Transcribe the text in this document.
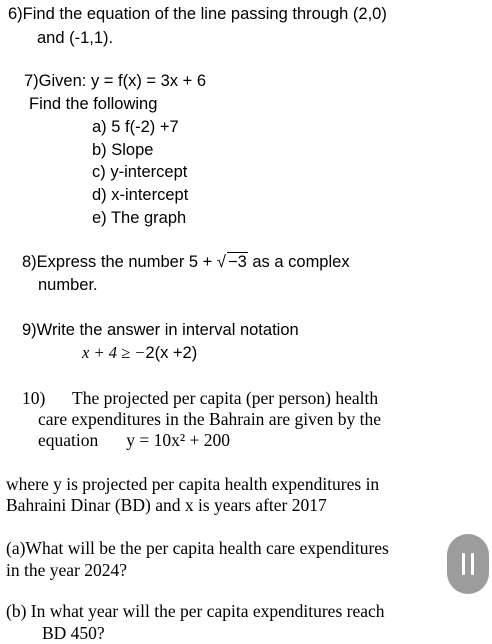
6)Find the equation of the line passing through (2,0)
and (-1,1).
7)Given: y = f(x) = 3x + 6
Find the following
a) 5 f(-2) +7
b) Slope
c) y-intercept
d) x-intercept
e) The graph
8)Express the number 5 + √ −3 as a complex
number.
9)Write the answer in interval notation
x + 4 ≥ −2(x +2)
10) The projected per capita (per person) health
care expenditures in the Bahrain are given by the
equation y = 10x² + 200
where y is projected per capita health expenditures in
Bahraini Dinar (BD) and x is years after 2017
(a)What will be the per capita health care expenditures
in the year 2024?
(b) In what year will the per capita expenditures reach
BD 450?
